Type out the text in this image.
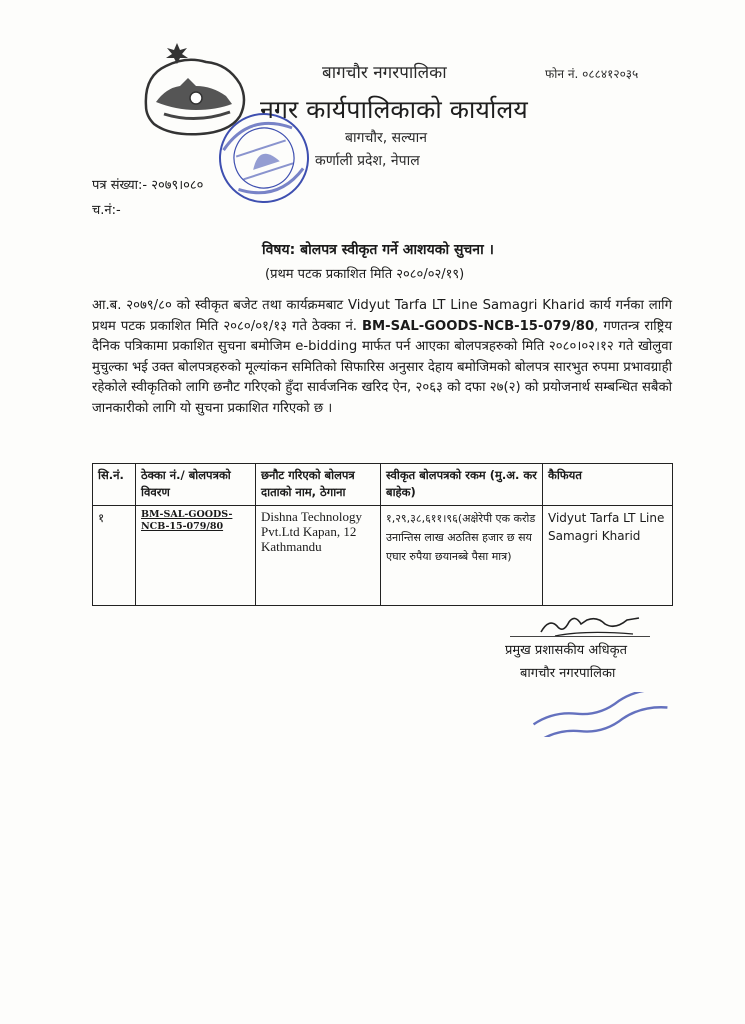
बागचौर नगरपालिका	फोन नं. ०८८४१२०३५
नगर कार्यपालिकाको कार्यालय
बागचौर, सल्यान
कर्णाली प्रदेश, नेपाल
पत्र संख्या:- २०७९।०८०
च.नं:-
विषय: बोलपत्र स्वीकृत गर्ने आशयको सुचना ।
(प्रथम पटक प्रकाशित मिति २०८०/०२/१९)

आ.ब. २०७९/८० को स्वीकृत बजेट तथा कार्यक्रमबाट Vidyut Tarfa LT Line Samagri Kharid कार्य गर्नका लागि प्रथम पटक प्रकाशित मिति २०८०/०१/१३ गते ठेक्का नं. BM-SAL-GOODS-NCB-15-079/80, गणतन्त्र राष्ट्रिय दैनिक पत्रिकामा प्रकाशित सुचना बमोजिम e-bidding मार्फत पर्न आएका बोलपत्रहरुको मिति २०८०।०२।१२ गते खोलुवा मुचुल्का भई उक्त बोलपत्रहरुको मूल्यांकन समितिको सिफारिस अनुसार देहाय बमोजिमको बोलपत्र सारभुत रुपमा प्रभावग्राही रहेकोले स्वीकृतिको लागि छनौट गरिएको हुँदा सार्वजनिक खरिद ऐन, २०६३ को दफा २७(२) को प्रयोजनार्थ सम्बन्धित सबैको जानकारीको लागि यो सुचना प्रकाशित गरिएको छ ।

सि.नं.	ठेक्का नं./ बोलपत्रको विवरण	छनौट गरिएको बोलपत्र दाताको नाम, ठेगाना	स्वीकृत बोलपत्रको रकम (मु.अ. कर बाहेक)	कैफियत
१	BM-SAL-GOODS-NCB-15-079/80	Dishna Technology Pvt.Ltd Kapan, 12 Kathmandu	१,२९,३८,६११।९६(अक्षेरेपी एक करोड उनान्तिस लाख अठतिस हजार छ सय एघार रुपैया छयानब्बे पैसा मात्र)	Vidyut Tarfa LT Line Samagri Kharid
प्रमुख प्रशासकीय अधिकृत
बागचौर नगरपालिका
